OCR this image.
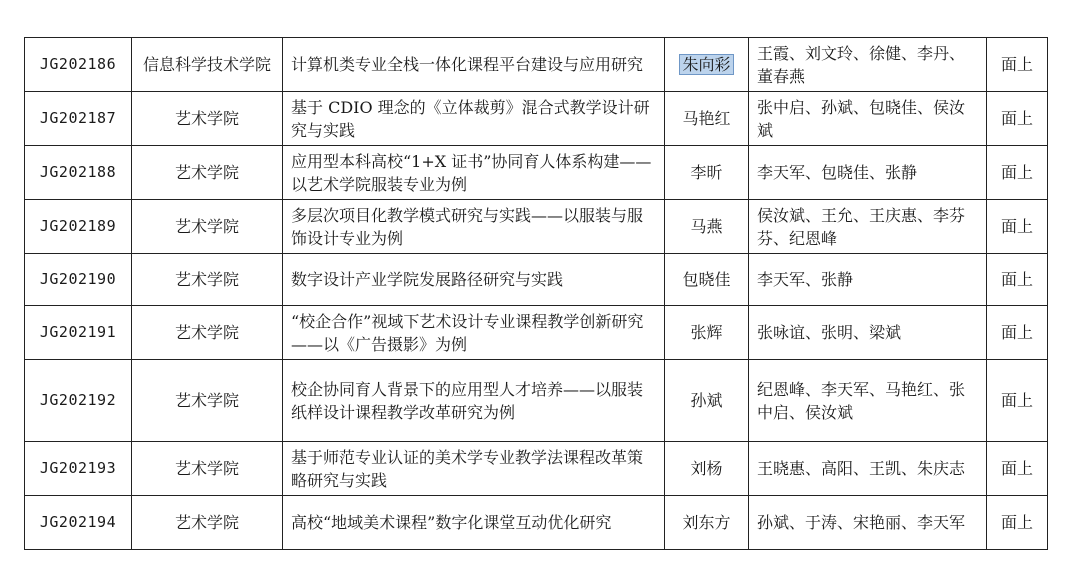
JG202186	信息科学技术学院	计算机类专业全栈一体化课程平台建设与应用研究	朱向彩	王霞、刘文玲、徐健、李丹、董春燕	面上
JG202187	艺术学院	基于 CDIO 理念的《立体裁剪》混合式教学设计研究与实践	马艳红	张中启、孙斌、包晓佳、侯汝斌	面上
JG202188	艺术学院	应用型本科高校“1+X 证书”协同育人体系构建——以艺术学院服装专业为例	李昕	李天军、包晓佳、张静	面上
JG202189	艺术学院	多层次项目化教学模式研究与实践——以服装与服饰设计专业为例	马燕	侯汝斌、王允、王庆惠、李芬芬、纪恩峰	面上
JG202190	艺术学院	数字设计产业学院发展路径研究与实践	包晓佳	李天军、张静	面上
JG202191	艺术学院	“校企合作”视域下艺术设计专业课程教学创新研究——以《广告摄影》为例	张辉	张咏谊、张明、梁斌	面上
JG202192	艺术学院	校企协同育人背景下的应用型人才培养——以服装纸样设计课程教学改革研究为例	孙斌	纪恩峰、李天军、马艳红、张中启、侯汝斌	面上
JG202193	艺术学院	基于师范专业认证的美术学专业教学法课程改革策略研究与实践	刘杨	王晓惠、高阳、王凯、朱庆志	面上
JG202194	艺术学院	高校“地域美术课程”数字化课堂互动优化研究	刘东方	孙斌、于涛、宋艳丽、李天军	面上
